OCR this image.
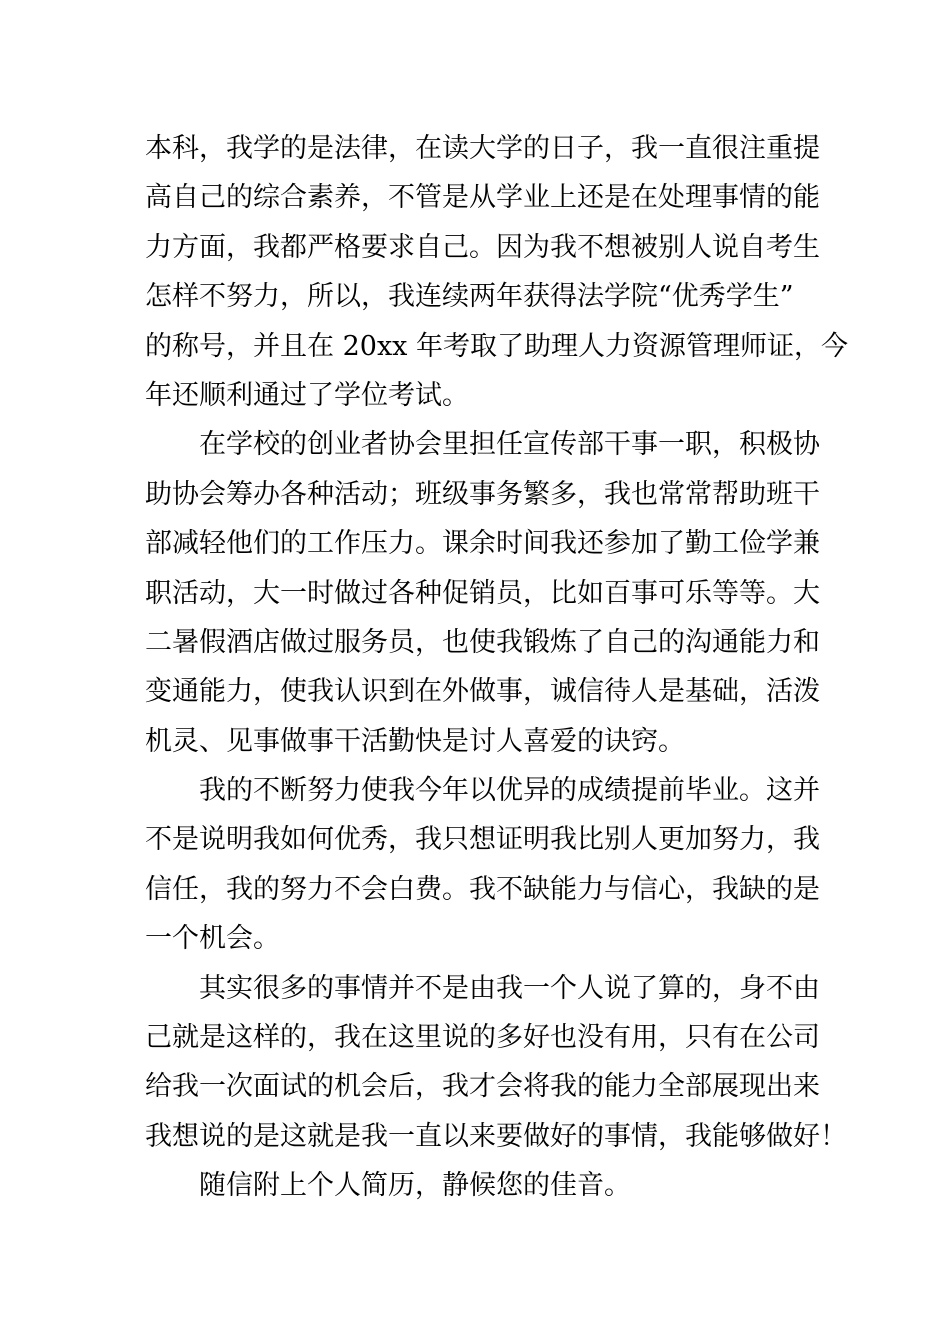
本科，我学的是法律，在读大学的日子，我一直很注重提
高自己的综合素养，不管是从学业上还是在处理事情的能
力方面，我都严格要求自己。因为我不想被别人说自考生
怎样不努力，所以，我连续两年获得法学院“优秀学生”
的称号，并且在 20xx 年考取了助理人力资源管理师证，今
年还顺利通过了学位考试。
在学校的创业者协会里担任宣传部干事一职，积极协
助协会筹办各种活动；班级事务繁多，我也常常帮助班干
部减轻他们的工作压力。课余时间我还参加了勤工俭学兼
职活动，大一时做过各种促销员，比如百事可乐等等。大
二暑假酒店做过服务员，也使我锻炼了自己的沟通能力和
变通能力，使我认识到在外做事，诚信待人是基础，活泼
机灵、见事做事干活勤快是讨人喜爱的诀窍。
我的不断努力使我今年以优异的成绩提前毕业。这并
不是说明我如何优秀，我只想证明我比别人更加努力，我
信任，我的努力不会白费。我不缺能力与信心，我缺的是
一个机会。
其实很多的事情并不是由我一个人说了算的，身不由
己就是这样的，我在这里说的多好也没有用，只有在公司
给我一次面试的机会后，我才会将我的能力全部展现出来
我想说的是这就是我一直以来要做好的事情，我能够做好！
随信附上个人简历，静候您的佳音。
